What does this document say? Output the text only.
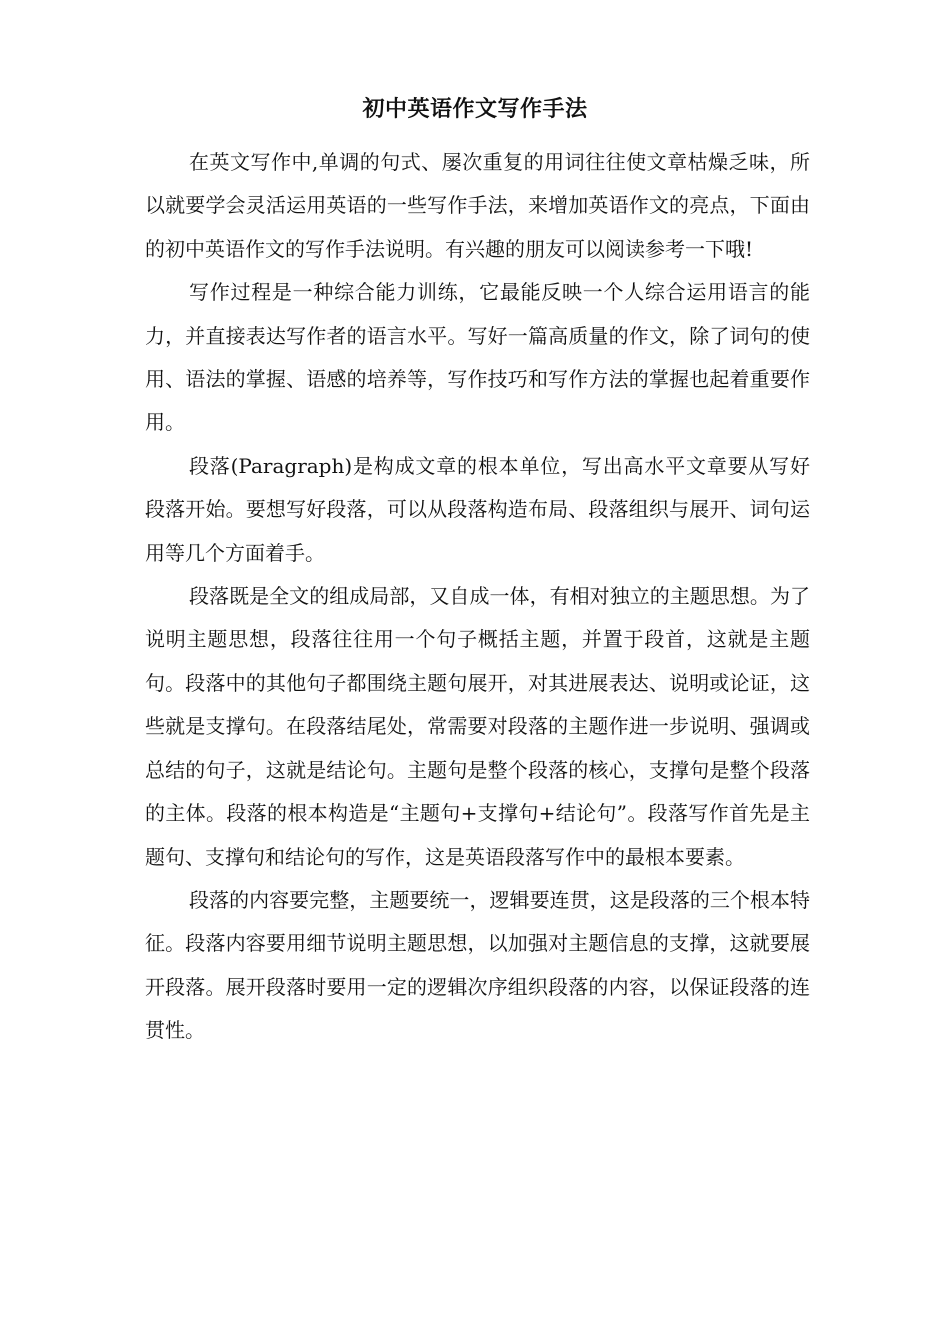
初中英语作文写作手法

在英文写作中,单调的句式、屡次重复的用词往往使文章枯燥乏味，所以就要学会灵活运用英语的一些写作手法，来增加英语作文的亮点，下面由的初中英语作文的写作手法说明。有兴趣的朋友可以阅读参考一下哦!

写作过程是一种综合能力训练，它最能反映一个人综合运用语言的能力，并直接表达写作者的语言水平。写好一篇高质量的作文，除了词句的使用、语法的掌握、语感的培养等，写作技巧和写作方法的掌握也起着重要作用。

段落(Paragraph)是构成文章的根本单位，写出高水平文章要从写好段落开始。要想写好段落，可以从段落构造布局、段落组织与展开、词句运用等几个方面着手。

段落既是全文的组成局部，又自成一体，有相对独立的主题思想。为了说明主题思想，段落往往用一个句子概括主题，并置于段首，这就是主题句。段落中的其他句子都围绕主题句展开，对其进展表达、说明或论证，这些就是支撑句。在段落结尾处，常需要对段落的主题作进一步说明、强调或总结的句子，这就是结论句。主题句是整个段落的核心，支撑句是整个段落的主体。段落的根本构造是“主题句+支撑句+结论句”。段落写作首先是主题句、支撑句和结论句的写作，这是英语段落写作中的最根本要素。

段落的内容要完整，主题要统一，逻辑要连贯，这是段落的三个根本特征。段落内容要用细节说明主题思想，以加强对主题信息的支撑，这就要展开段落。展开段落时要用一定的逻辑次序组织段落的内容，以保证段落的连贯性。
